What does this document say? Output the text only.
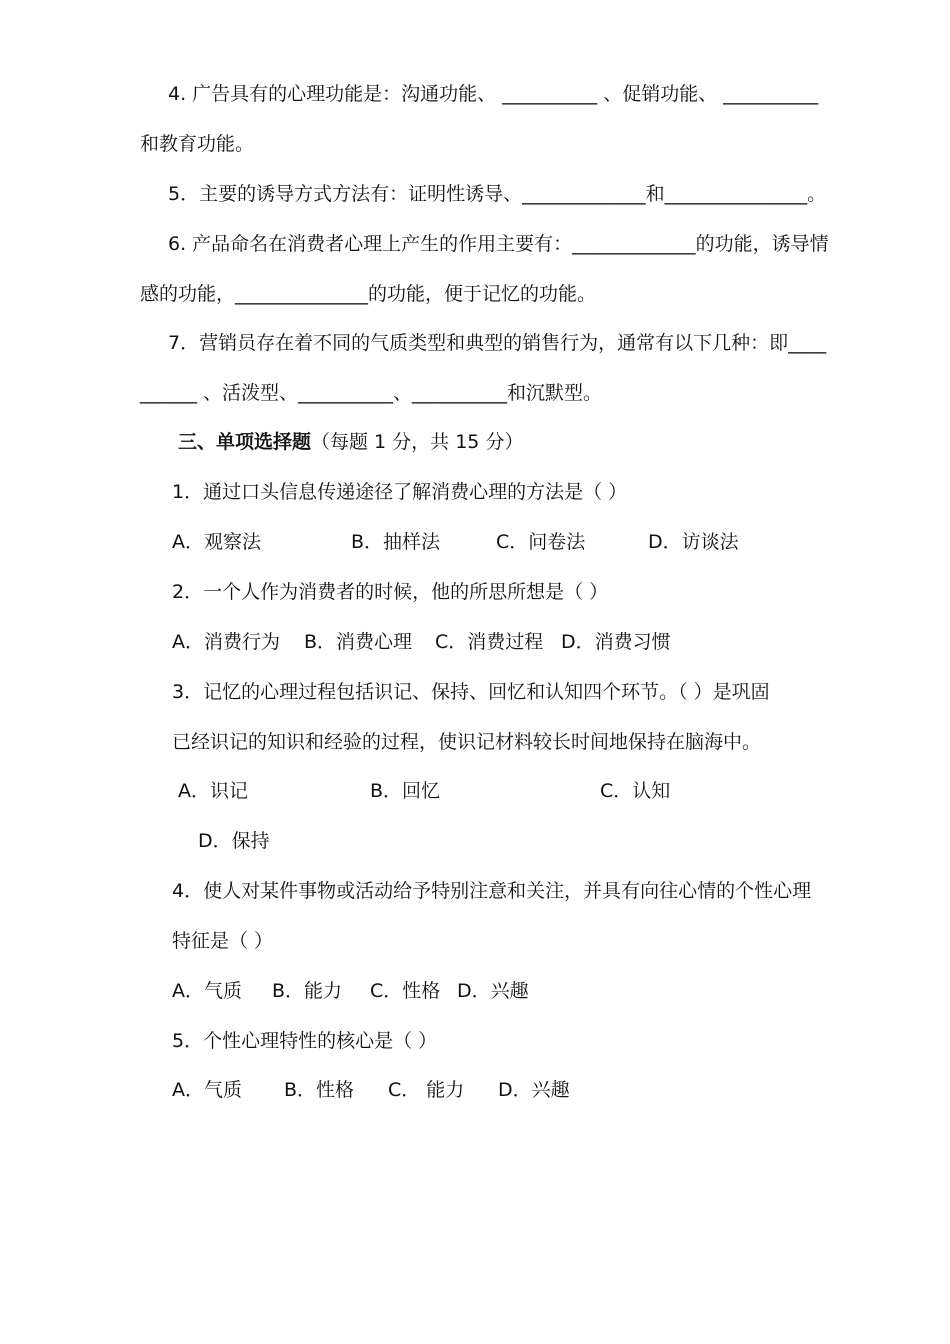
4. 广告具有的心理功能是：沟通功能、 __________ 、促销功能、 __________
和教育功能。
5．主要的诱导方式方法有：证明性诱导、_____________和_______________。
6. 产品命名在消费者心理上产生的作用主要有：_____________的功能，诱导情
感的功能，______________的功能，便于记忆的功能。
7．营销员存在着不同的气质类型和典型的销售行为，通常有以下几种：即____
______ 、活泼型、__________、__________和沉默型。
三、单项选择题（每题 1 分，共 15 分）
1．通过口头信息传递途径了解消费心理的方法是（ ）
A．观察法	B．抽样法	C．问卷法	D．访谈法
2．一个人作为消费者的时候，他的所思所想是（ ）
A．消费行为 B．消费心理 C．消费过程 D．消费习惯
3．记忆的心理过程包括识记、保持、回忆和认知四个环节。（ ）是巩固
已经识记的知识和经验的过程，使识记材料较长时间地保持在脑海中。
A．识记	B．回忆	C．认知
D．保持
4．使人对某件事物或活动给予特别注意和关注，并具有向往心情的个性心理
特征是（ ）
A．气质 B．能力 C．性格 D．兴趣
5．个性心理特性的核心是（ ）
A．气质 B．性格 C． 能力 D．兴趣
